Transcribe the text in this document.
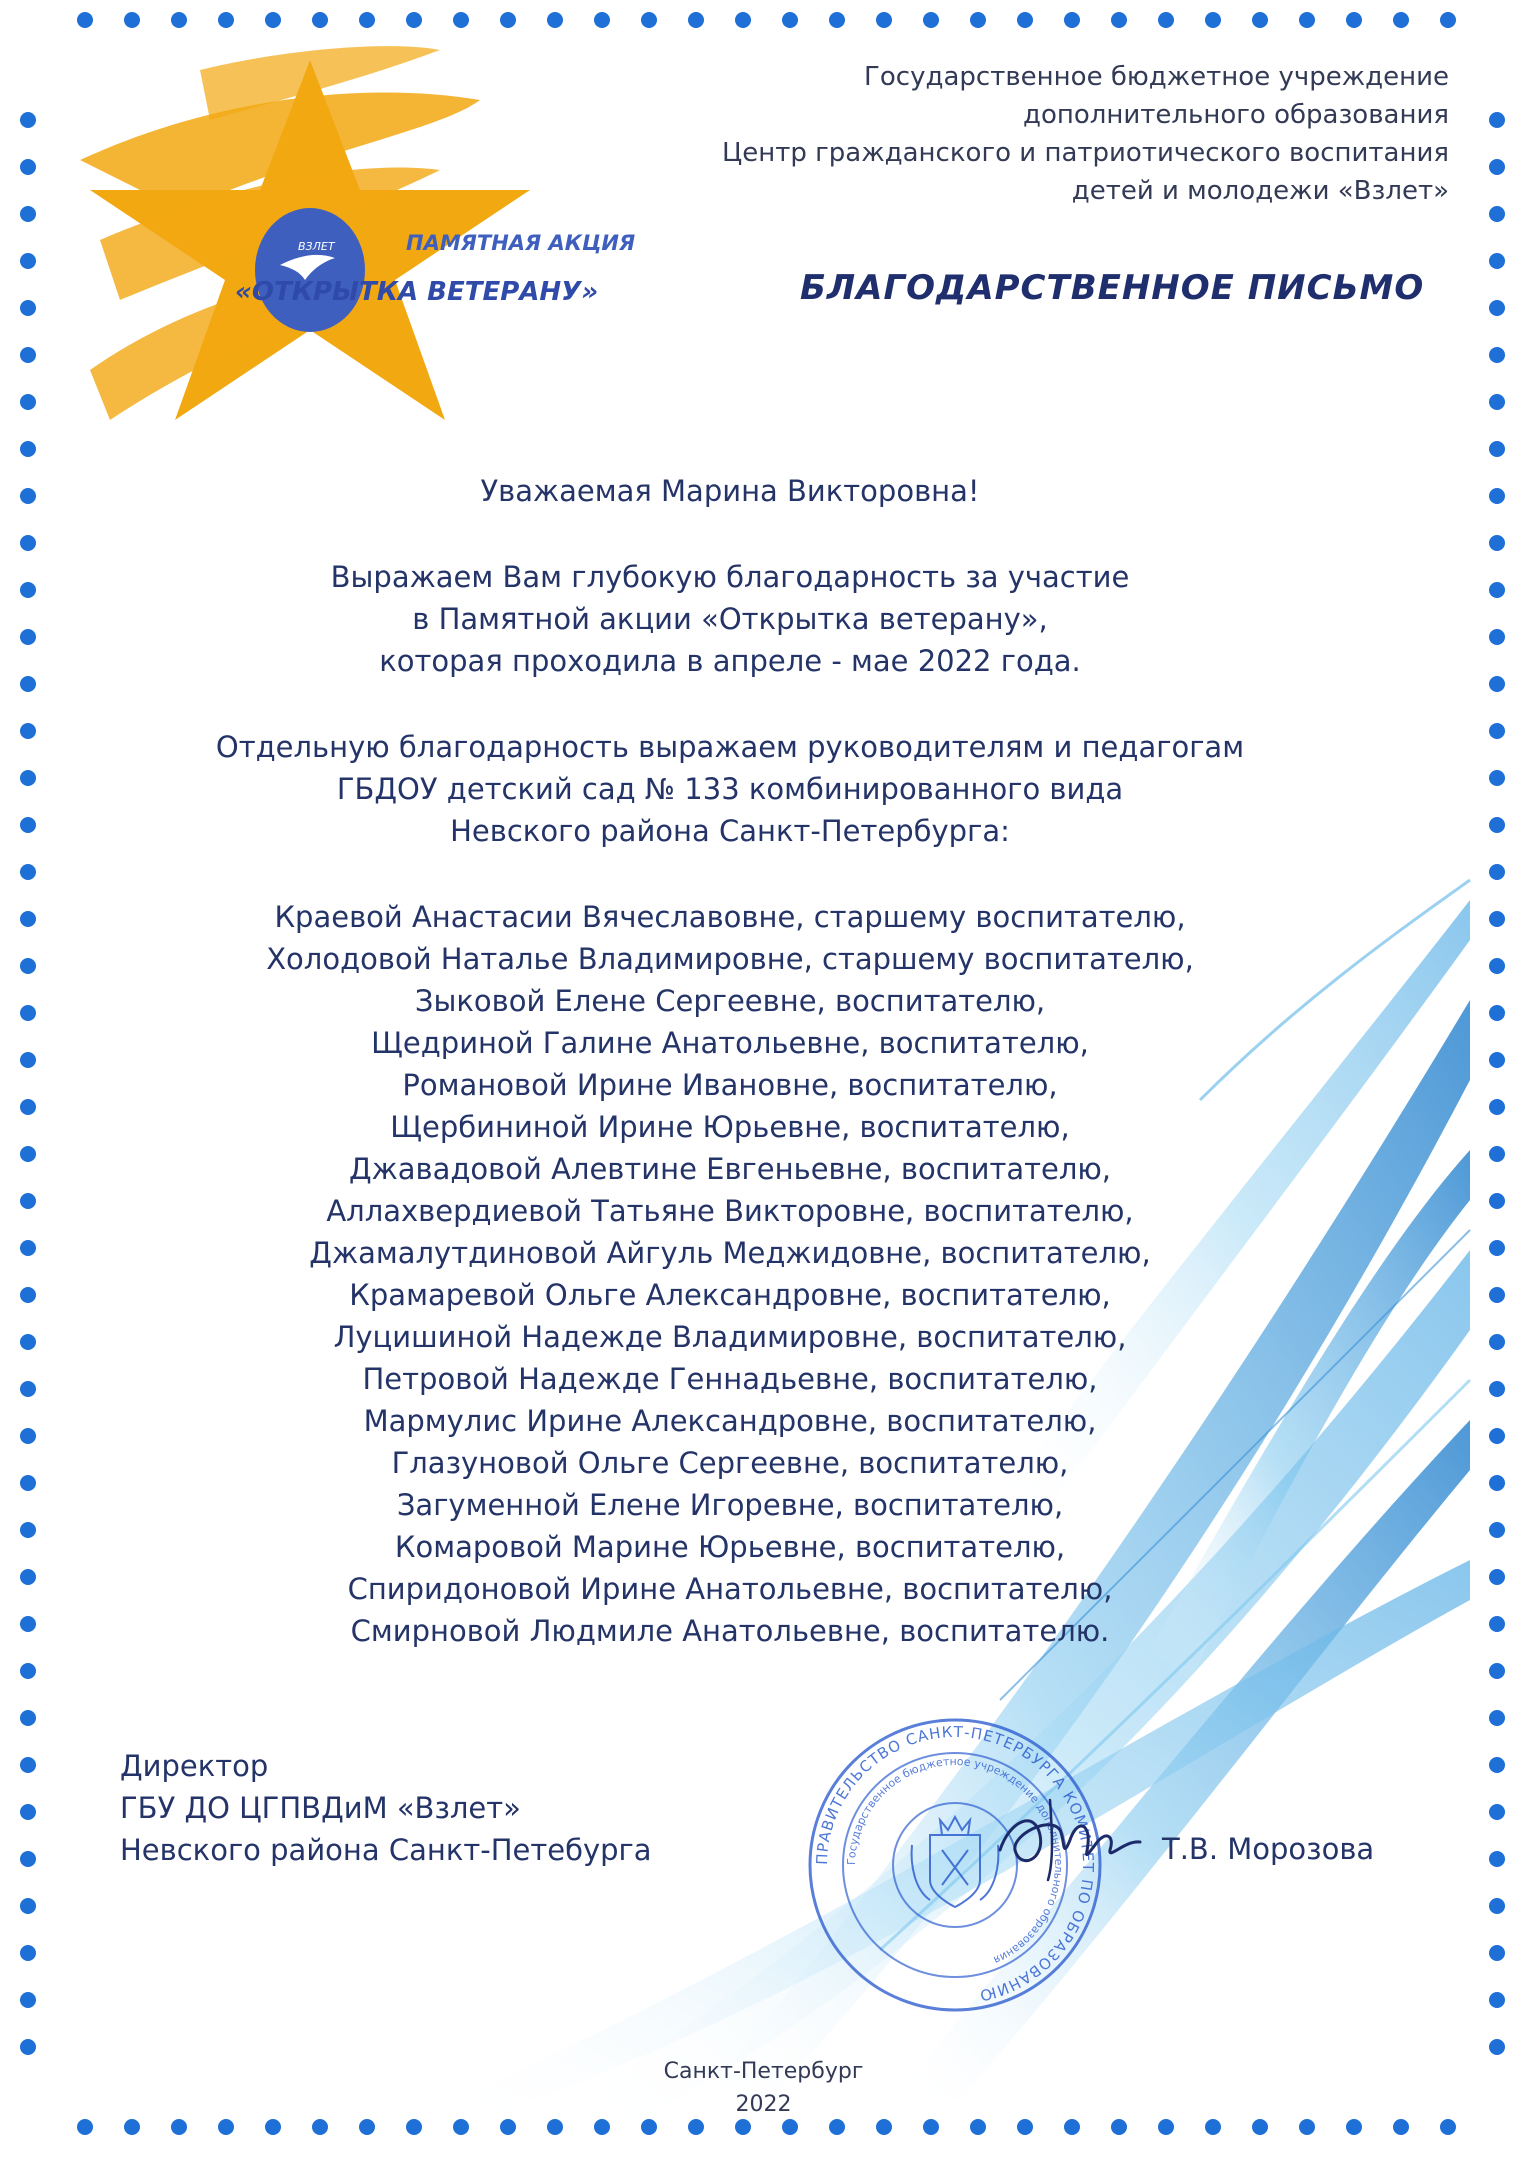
ВЗЛЕТ	ПАМЯТНАЯ АКЦИЯ
«ОТКРЫТКА ВЕТЕРАНУ»
Государственное бюджетное учреждение
дополнительного образования
Центр гражданского и патриотического воспитания
детей и молодежи «Взлет»
БЛАГОДАРСТВЕННОЕ ПИСЬМО
Уважаемая Марина Викторовна!
Выражаем Вам глубокую благодарность за участие
в Памятной акции «Открытка ветерану»,
которая проходила в апреле - мае 2022 года.
Отдельную благодарность выражаем руководителям и педагогам
ГБДОУ детский сад № 133 комбинированного вида
Невского района Санкт-Петербурга:
Краевой Анастасии Вячеславовне, старшему воспитателю,
Холодовой Наталье Владимировне, старшему воспитателю,
Зыковой Елене Сергеевне, воспитателю,
Щедриной Галине Анатольевне, воспитателю,
Романовой Ирине Ивановне, воспитателю,
Щербининой Ирине Юрьевне, воспитателю,
Джавадовой Алевтине Евгеньевне, воспитателю,
Аллахвердиевой Татьяне Викторовне, воспитателю,
Джамалутдиновой Айгуль Меджидовне, воспитателю,
Крамаревой Ольге Александровне, воспитателю,
Луцишиной Надежде Владимировне, воспитателю,
Петровой Надежде Геннадьевне, воспитателю,
Мармулис Ирине Александровне, воспитателю,
Глазуновой Ольге Сергеевне, воспитателю,
Загуменной Елене Игоревне, воспитателю,
Комаровой Марине Юрьевне, воспитателю,
Спиридоновой Ирине Анатольевне, воспитателю,
Смирновой Людмиле Анатольевне, воспитателю.
ПРАВИТЕЛЬСТВО САНКТ-ПЕТЕРБУРГА КОМИТЕТ ПО ОБРАЗОВАНИЮ
Государственное бюджетное учреждение дополнительного образования
Директор
ГБУ ДО ЦГПВДиМ «Взлет»
Невского района Санкт-Петебурга	Т.В. Морозова
Санкт-Петербург
2022
